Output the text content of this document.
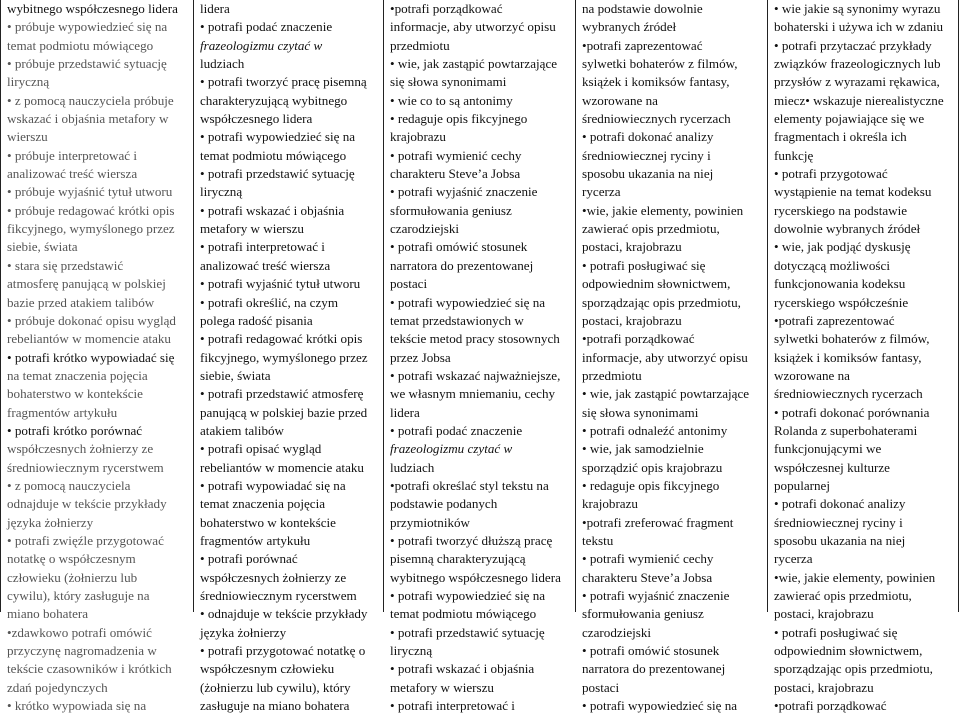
wybitnego współczesnego lidera
• próbuje wypowiedzieć się na
temat podmiotu mówiącego
• próbuje przedstawić sytuację
liryczną
• z pomocą nauczyciela próbuje
wskazać i objaśnia metafory w
wierszu
• próbuje interpretować i
analizować treść wiersza
• próbuje wyjaśnić tytuł utworu
• próbuje redagować krótki opis
fikcyjnego, wymyślonego przez
siebie, świata
• stara się przedstawić
atmosferę panującą w polskiej
bazie przed atakiem talibów
• próbuje dokonać opisu wygląd
rebeliantów w momencie ataku
• potrafi krótko wypowiadać się
na temat znaczenia pojęcia
bohaterstwo w kontekście
fragmentów artykułu
• potrafi krótko porównać
współczesnych żołnierzy ze
średniowiecznym rycerstwem
• z pomocą nauczyciela
odnajduje w tekście przykłady
języka żołnierzy
• potrafi zwięźle przygotować
notatkę o współczesnym
człowieku (żołnierzu lub
cywilu), który zasługuje na
miano bohatera
•zdawkowo potrafi omówić
przyczynę nagromadzenia w
tekście czasowników i krótkich
zdań pojedynczych
• krótko wypowiada się na
lidera
• potrafi podać znaczenie
frazeologizmu czytać w
ludziach
• potrafi tworzyć pracę pisemną
charakteryzującą wybitnego
współczesnego lidera
• potrafi wypowiedzieć się na
temat podmiotu mówiącego
• potrafi przedstawić sytuację
liryczną
• potrafi wskazać i objaśnia
metafory w wierszu
• potrafi interpretować i
analizować treść wiersza
• potrafi wyjaśnić tytuł utworu
• potrafi określić, na czym
polega radość pisania
• potrafi redagować krótki opis
fikcyjnego, wymyślonego przez
siebie, świata
• potrafi przedstawić atmosferę
panującą w polskiej bazie przed
atakiem talibów
• potrafi opisać wygląd
rebeliantów w momencie ataku
• potrafi wypowiadać się na
temat znaczenia pojęcia
bohaterstwo w kontekście
fragmentów artykułu
• potrafi porównać
współczesnych żołnierzy ze
średniowiecznym rycerstwem
• odnajduje w tekście przykłady
języka żołnierzy
• potrafi przygotować notatkę o
współczesnym człowieku
(żołnierzu lub cywilu), który
zasługuje na miano bohatera
•potrafi porządkować
informacje, aby utworzyć opisu
przedmiotu
• wie, jak zastąpić powtarzające
się słowa synonimami
• wie co to są antonimy
• redaguje opis fikcyjnego
krajobrazu
• potrafi wymienić cechy
charakteru Steve’a Jobsa
• potrafi wyjaśnić znaczenie
sformułowania geniusz
czarodziejski
• potrafi omówić stosunek
narratora do prezentowanej
postaci
• potrafi wypowiedzieć się na
temat przedstawionych w
tekście metod pracy stosownych
przez Jobsa
• potrafi wskazać najważniejsze,
we własnym mniemaniu, cechy
lidera
• potrafi podać znaczenie
frazeologizmu czytać w
ludziach
•potrafi określać styl tekstu na
podstawie podanych
przymiotników
• potrafi tworzyć dłuższą pracę
pisemną charakteryzującą
wybitnego współczesnego lidera
• potrafi wypowiedzieć się na
temat podmiotu mówiącego
• potrafi przedstawić sytuację
liryczną
• potrafi wskazać i objaśnia
metafory w wierszu
• potrafi interpretować i
na podstawie dowolnie
wybranych źródeł
•potrafi zaprezentować
sylwetki bohaterów z filmów,
książek i komiksów fantasy,
wzorowane na
średniowiecznych rycerzach
• potrafi dokonać analizy
średniowiecznej ryciny i
sposobu ukazania na niej
rycerza
•wie, jakie elementy, powinien
zawierać opis przedmiotu,
postaci, krajobrazu
• potrafi posługiwać się
odpowiednim słownictwem,
sporządzając opis przedmiotu,
postaci, krajobrazu
•potrafi porządkować
informacje, aby utworzyć opisu
przedmiotu
• wie, jak zastąpić powtarzające
się słowa synonimami
• potrafi odnaleźć antonimy
• wie, jak samodzielnie
sporządzić opis krajobrazu
• redaguje opis fikcyjnego
krajobrazu
•potrafi zreferować fragment
tekstu
• potrafi wymienić cechy
charakteru Steve’a Jobsa
• potrafi wyjaśnić znaczenie
sformułowania geniusz
czarodziejski
• potrafi omówić stosunek
narratora do prezentowanej
postaci
• potrafi wypowiedzieć się na
• wie jakie są synonimy wyrazu
bohaterski i używa ich w zdaniu
• potrafi przytaczać przykłady
związków frazeologicznych lub
przysłów z wyrazami rękawica,
miecz• wskazuje nierealistyczne
elementy pojawiające się we
fragmentach i określa ich
funkcję
• potrafi przygotować
wystąpienie na temat kodeksu
rycerskiego na podstawie
dowolnie wybranych źródeł
• wie, jak podjąć dyskusję
dotyczącą możliwości
funkcjonowania kodeksu
rycerskiego współcześnie
•potrafi zaprezentować
sylwetki bohaterów z filmów,
książek i komiksów fantasy,
wzorowane na
średniowiecznych rycerzach
• potrafi dokonać porównania
Rolanda z superbohaterami
funkcjonującymi we
współczesnej kulturze
popularnej
• potrafi dokonać analizy
średniowiecznej ryciny i
sposobu ukazania na niej
rycerza
•wie, jakie elementy, powinien
zawierać opis przedmiotu,
postaci, krajobrazu
• potrafi posługiwać się
odpowiednim słownictwem,
sporządzając opis przedmiotu,
postaci, krajobrazu
•potrafi porządkować
